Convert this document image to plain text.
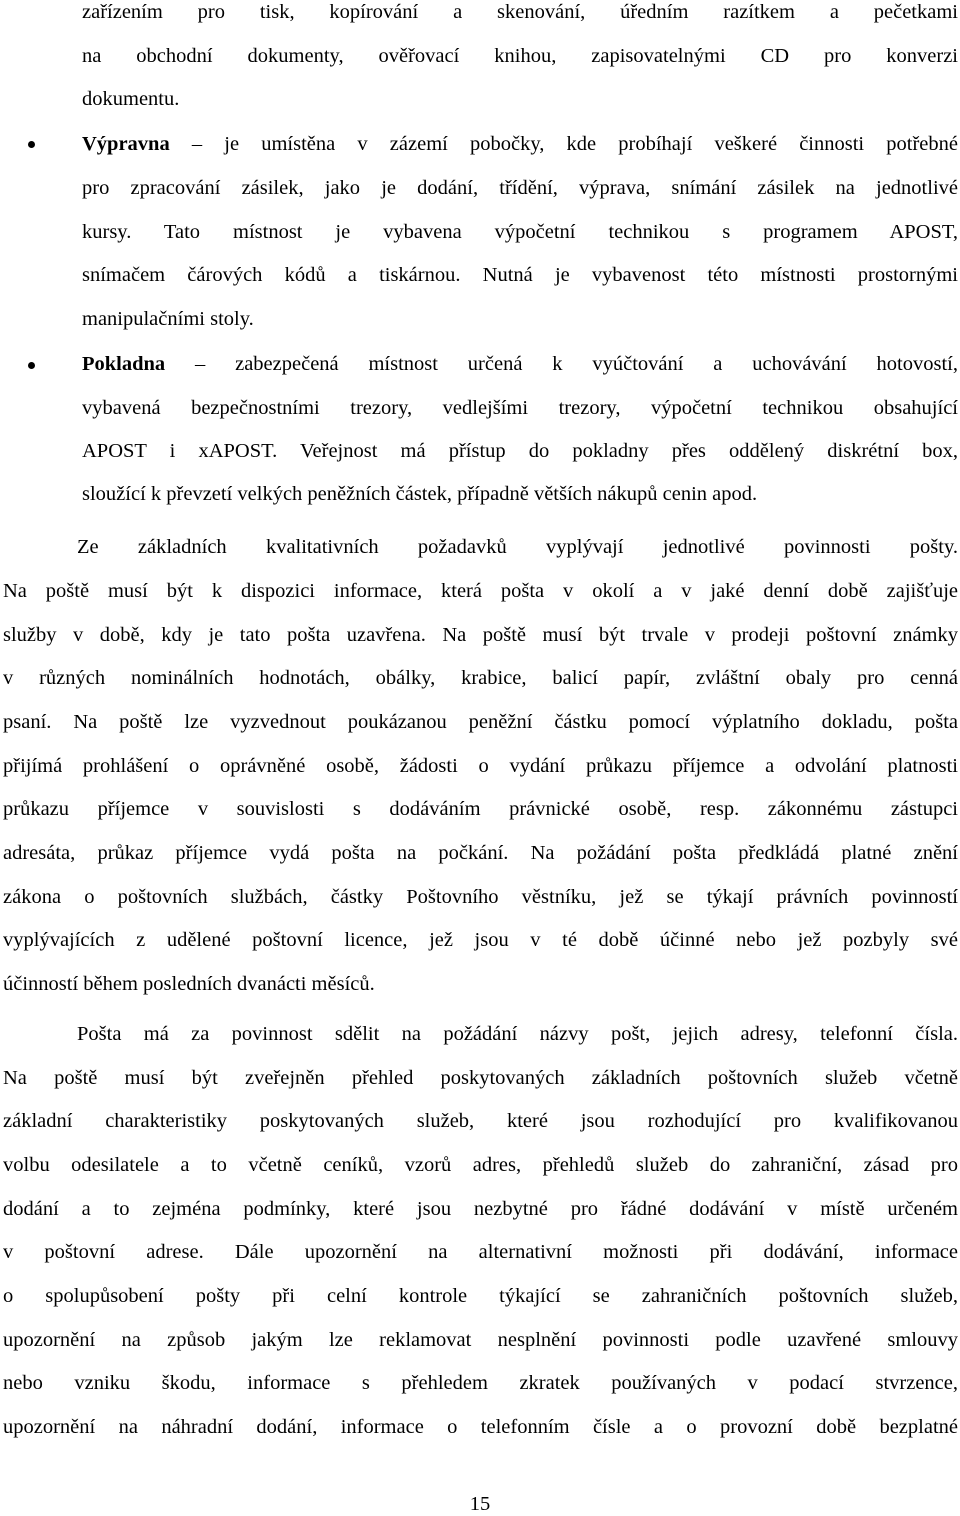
zařízením pro tisk, kopírování a skenování, úředním razítkem a pečetkami
na obchodní dokumenty, ověřovací knihou, zapisovatelnými CD pro konverzi
dokumentu.
Výpravna – je umístěna v zázemí pobočky, kde probíhají veškeré činnosti potřebné
pro zpracování zásilek, jako je dodání, třídění, výprava, snímání zásilek na jednotlivé
kursy. Tato místnost je vybavena výpočetní technikou s programem APOST,
snímačem čárových kódů a tiskárnou. Nutná je vybavenost této místnosti prostornými
manipulačními stoly.
Pokladna – zabezpečená místnost určená k vyúčtování a uchovávání hotovostí,
vybavená bezpečnostními trezory, vedlejšími trezory, výpočetní technikou obsahující
APOST i xAPOST. Veřejnost má přístup do pokladny přes oddělený diskrétní box,
sloužící k převzetí velkých peněžních částek, případně větších nákupů cenin apod.
Ze základních kvalitativních požadavků vyplývají jednotlivé povinnosti pošty.
Na poště musí být k dispozici informace, která pošta v okolí a v jaké denní době zajišťuje
služby v době, kdy je tato pošta uzavřena. Na poště musí být trvale v prodeji poštovní známky
v různých nominálních hodnotách, obálky, krabice, balicí papír, zvláštní obaly pro cenná
psaní. Na poště lze vyzvednout poukázanou peněžní částku pomocí výplatního dokladu, pošta
přijímá prohlášení o oprávněné osobě, žádosti o vydání průkazu příjemce a odvolání platnosti
průkazu příjemce v souvislosti s dodáváním právnické osobě, resp. zákonnému zástupci
adresáta, průkaz příjemce vydá pošta na počkání. Na požádání pošta předkládá platné znění
zákona o poštovních službách, částky Poštovního věstníku, jež se týkají právních povinností
vyplývajících z udělené poštovní licence, jež jsou v té době účinné nebo jež pozbyly své
účinností během posledních dvanácti měsíců.
Pošta má za povinnost sdělit na požádání názvy pošt, jejich adresy, telefonní čísla.
Na poště musí být zveřejněn přehled poskytovaných základních poštovních služeb včetně
základní charakteristiky poskytovaných služeb, které jsou rozhodující pro kvalifikovanou
volbu odesilatele a to včetně ceníků, vzorů adres, přehledů služeb do zahraniční, zásad pro
dodání a to zejména podmínky, které jsou nezbytné pro řádné dodávání v místě určeném
v poštovní adrese. Dále upozornění na alternativní možnosti při dodávání, informace
o spolupůsobení pošty při celní kontrole týkající se zahraničních poštovních služeb,
upozornění na způsob jakým lze reklamovat nesplnění povinnosti podle uzavřené smlouvy
nebo vzniku škodu, informace s přehledem zkratek používaných v podací stvrzence,
upozornění na náhradní dodání, informace o telefonním čísle a o provozní době bezplatné
15
